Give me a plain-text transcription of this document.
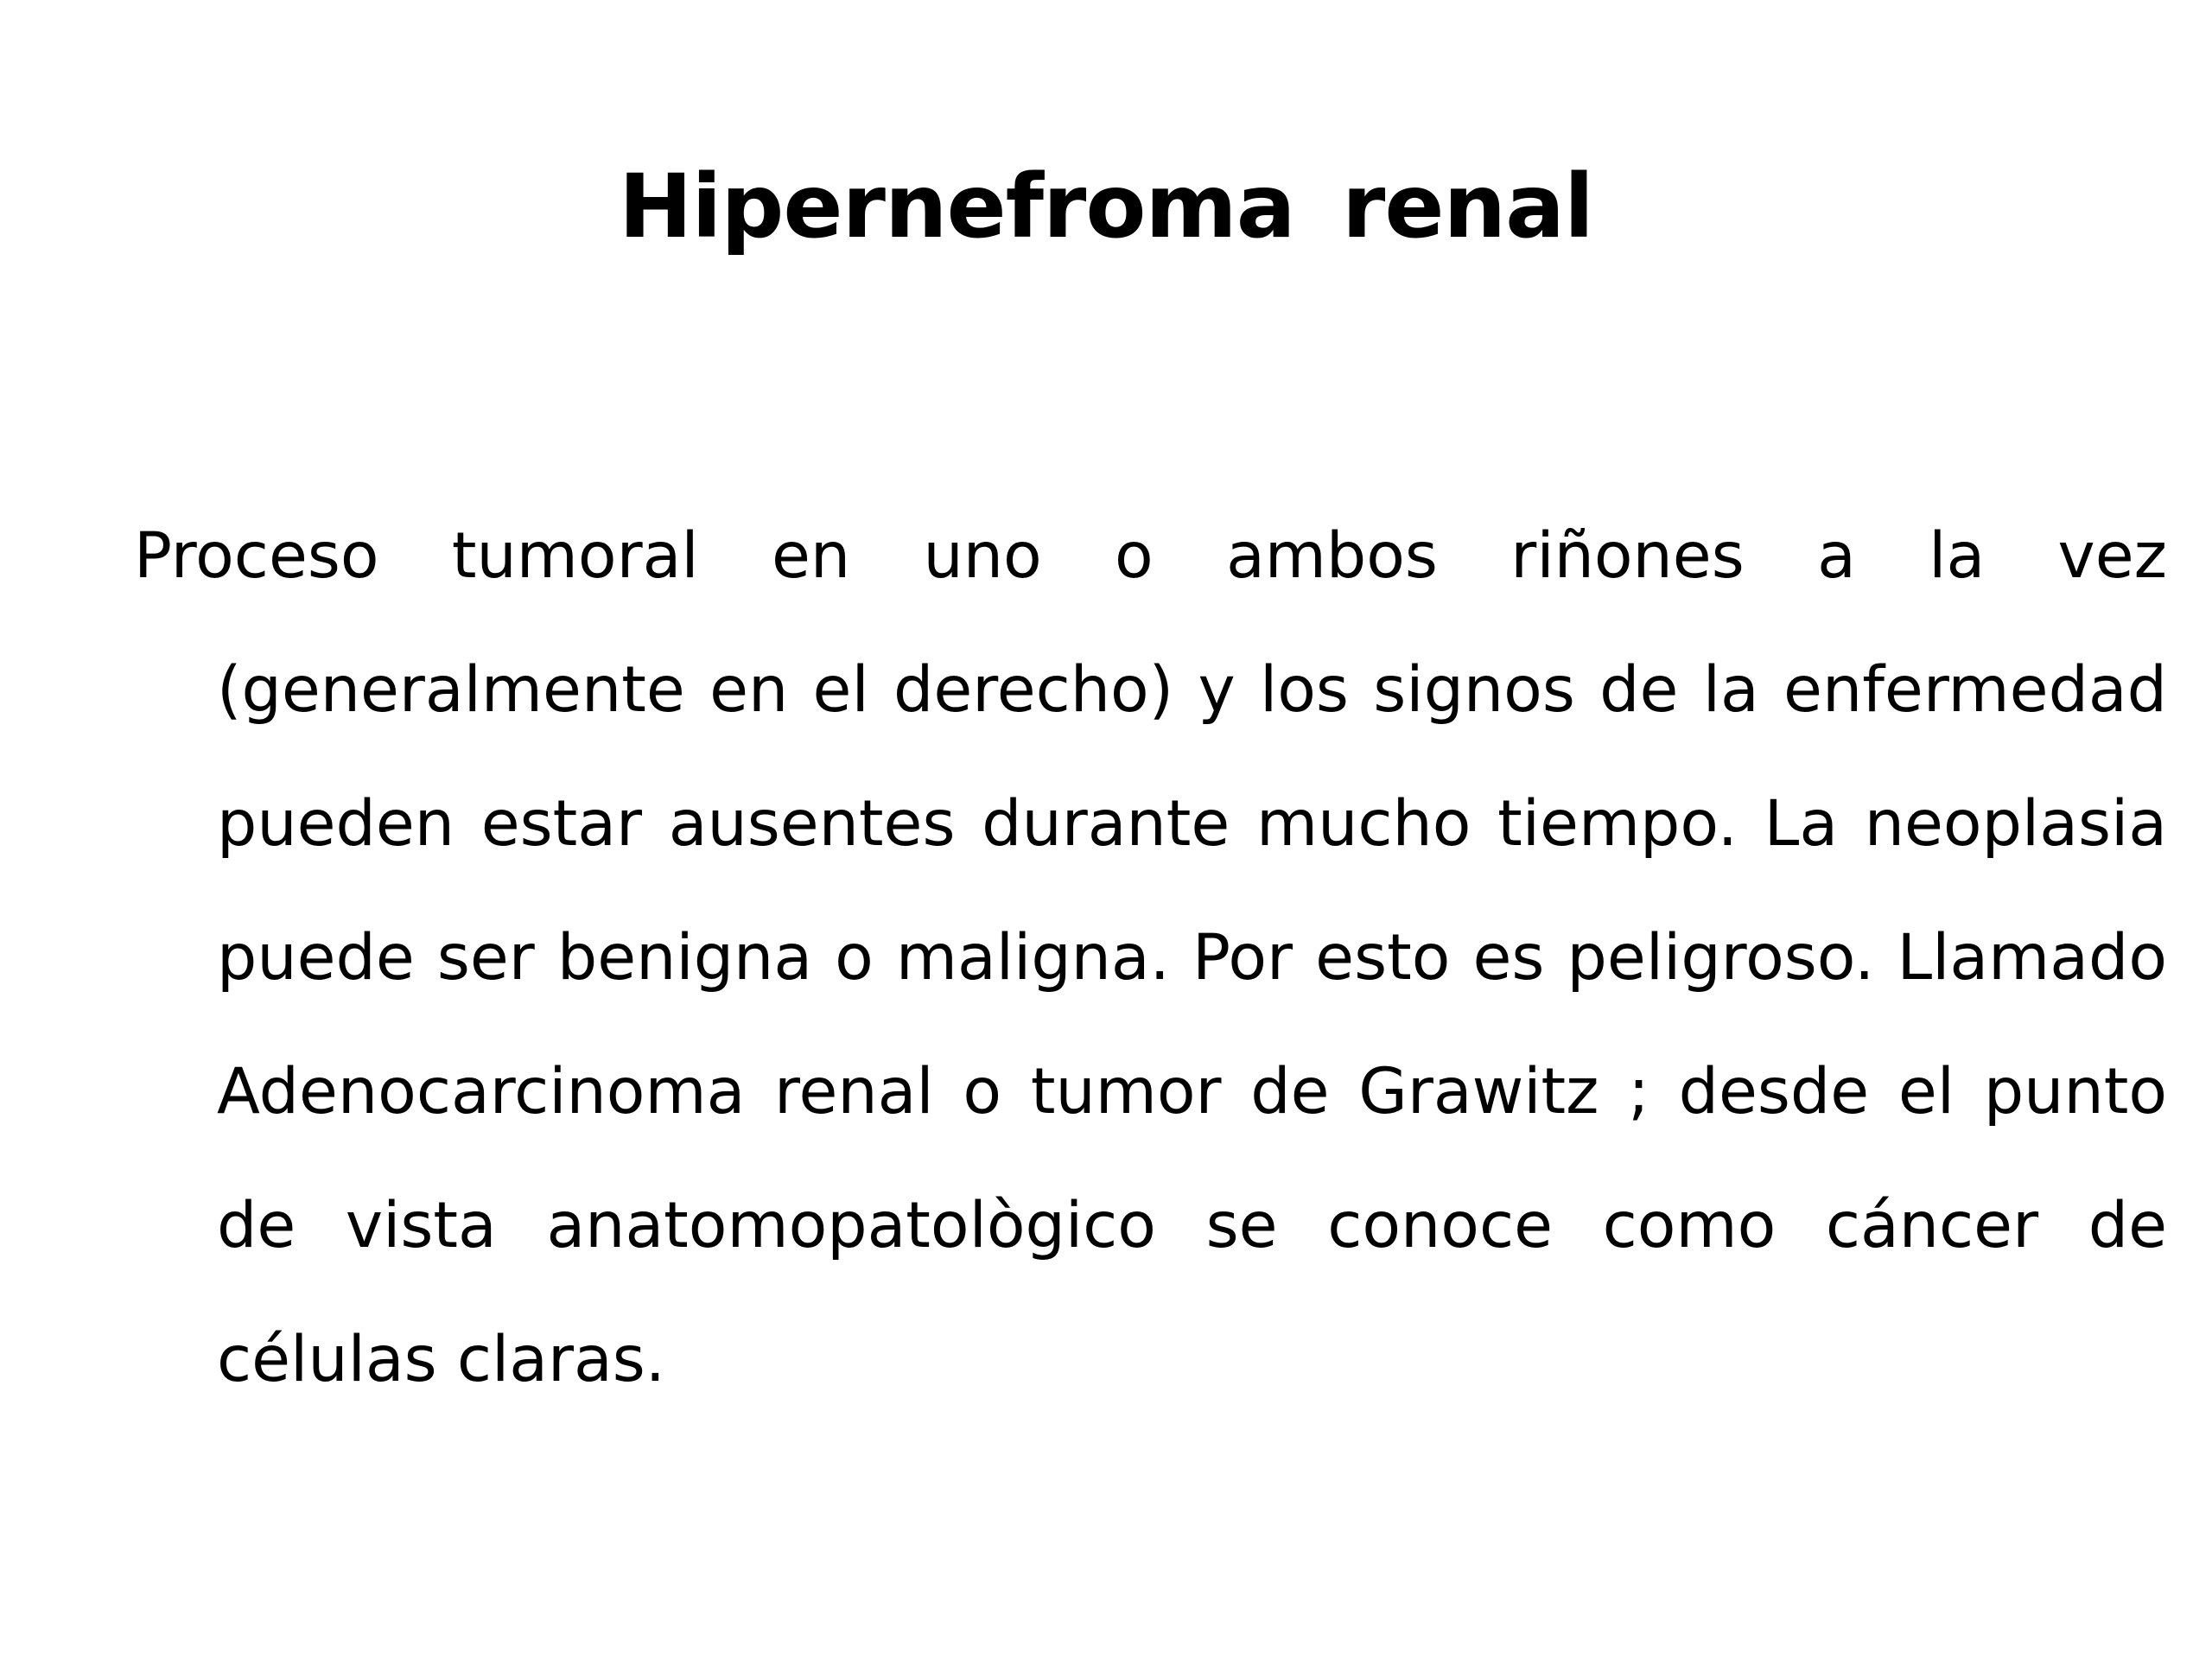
Hipernefroma renal

Proceso tumoral en uno o ambos riñones a la vez (generalmente en el derecho) y los signos de la enfermedad pueden estar ausentes durante mucho tiempo. La neoplasia puede ser benigna o maligna. Por esto es peligroso. Llamado Adenocarcinoma renal o tumor de Grawitz ; desde el punto de vista anatomopatològico se conoce como cáncer de células claras.
